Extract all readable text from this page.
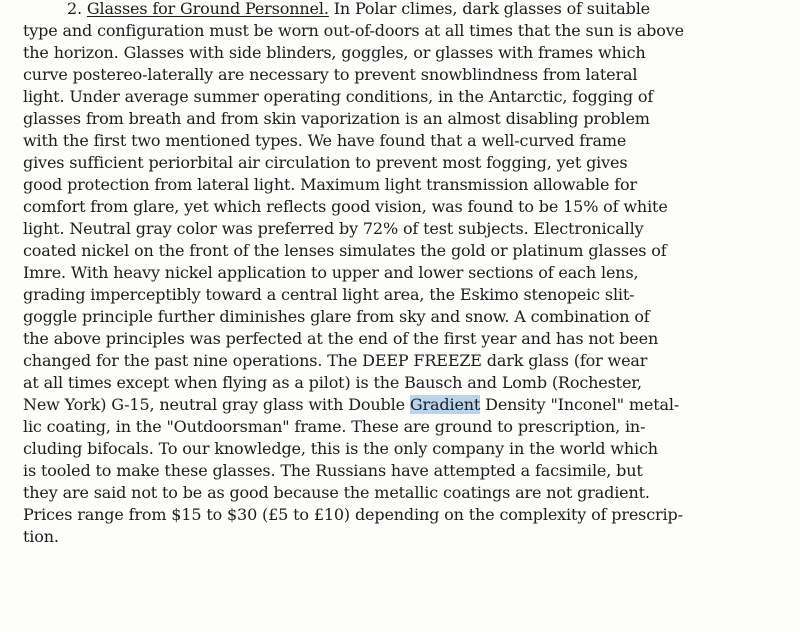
2. Glasses for Ground Personnel. In Polar climes, dark glasses of suitable
type and configuration must be worn out-of-doors at all times that the sun is above
the horizon. Glasses with side blinders, goggles, or glasses with frames which
curve postereo-laterally are necessary to prevent snowblindness from lateral
light. Under average summer operating conditions, in the Antarctic, fogging of
glasses from breath and from skin vaporization is an almost disabling problem
with the first two mentioned types. We have found that a well-curved frame
gives sufficient periorbital air circulation to prevent most fogging, yet gives
good protection from lateral light. Maximum light transmission allowable for
comfort from glare, yet which reflects good vision, was found to be 15% of white
light. Neutral gray color was preferred by 72% of test subjects. Electronically
coated nickel on the front of the lenses simulates the gold or platinum glasses of
Imre. With heavy nickel application to upper and lower sections of each lens,
grading imperceptibly toward a central light area, the Eskimo stenopeic slit-
goggle principle further diminishes glare from sky and snow. A combination of
the above principles was perfected at the end of the first year and has not been
changed for the past nine operations. The DEEP FREEZE dark glass (for wear
at all times except when flying as a pilot) is the Bausch and Lomb (Rochester,
New York) G-15, neutral gray glass with Double Gradient Density "Inconel" metal-
lic coating, in the "Outdoorsman" frame. These are ground to prescription, in-
cluding bifocals. To our knowledge, this is the only company in the world which
is tooled to make these glasses. The Russians have attempted a facsimile, but
they are said not to be as good because the metallic coatings are not gradient.
Prices range from $15 to $30 (£5 to £10) depending on the complexity of prescrip-
tion.
